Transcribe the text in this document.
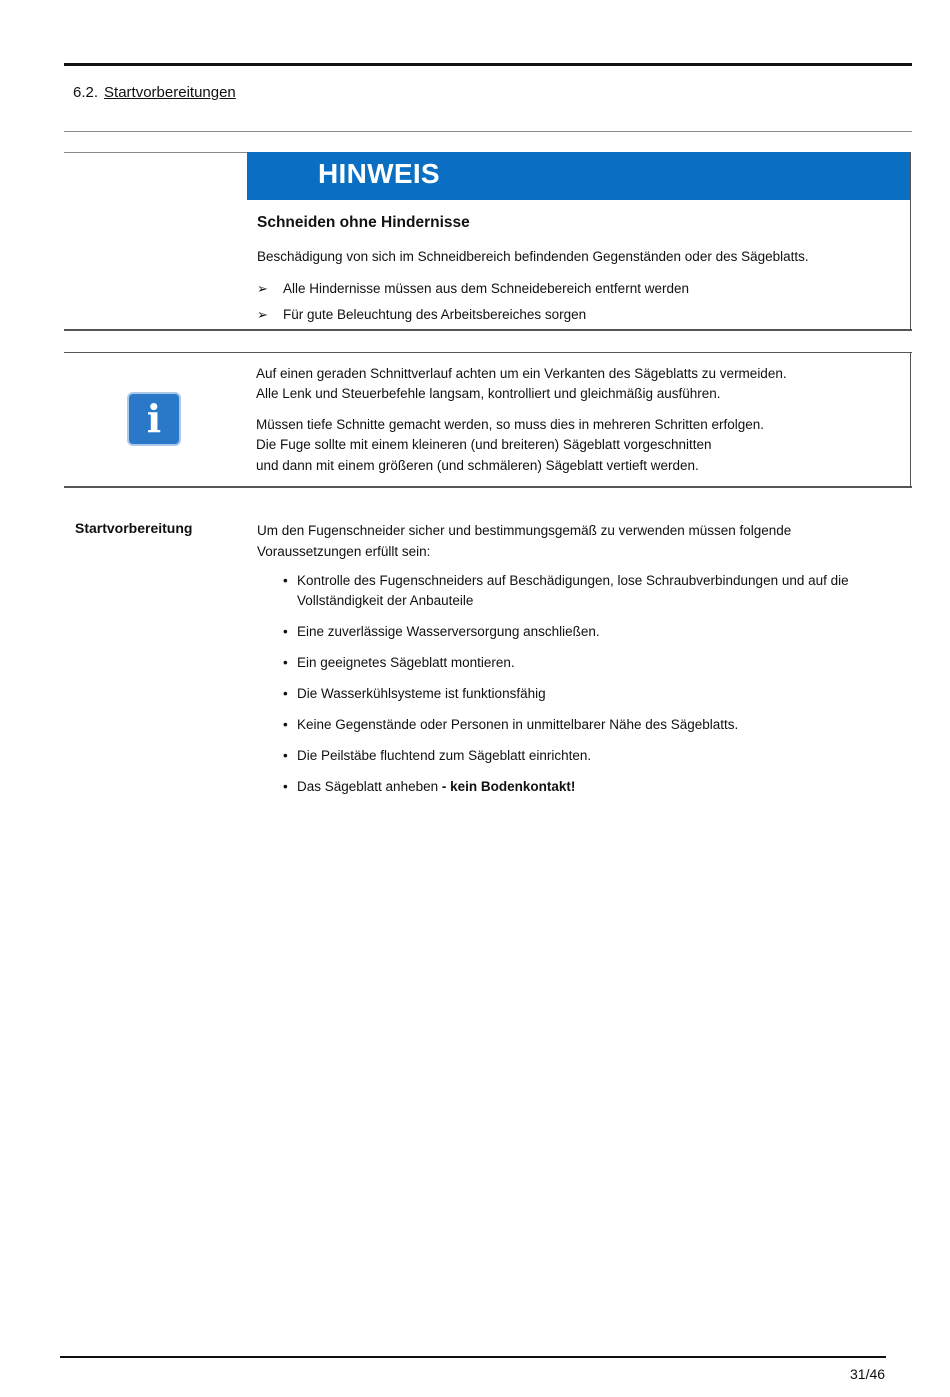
6.2. Startvorbereitungen
HINWEIS
Schneiden ohne Hindernisse
Beschädigung von sich im Schneidbereich befindenden Gegenständen oder des Sägeblatts.
➢ Alle Hindernisse müssen aus dem Schneidebereich entfernt werden
➢ Für gute Beleuchtung des Arbeitsbereiches sorgen
i
Auf einen geraden Schnittverlauf achten um ein Verkanten des Sägeblatts zu vermeiden.
Alle Lenk und Steuerbefehle langsam, kontrolliert und gleichmäßig ausführen.
Müssen tiefe Schnitte gemacht werden, so muss dies in mehreren Schritten erfolgen.
Die Fuge sollte mit einem kleineren (und breiteren) Sägeblatt vorgeschnitten
und dann mit einem größeren (und schmäleren) Sägeblatt vertieft werden.
Startvorbereitung	Um den Fugenschneider sicher und bestimmungsgemäß zu verwenden müssen folgende Voraussetzungen erfüllt sein:
• Kontrolle des Fugenschneiders auf Beschädigungen, lose Schraubverbindungen und auf die Vollständigkeit der Anbauteile
• Eine zuverlässige Wasserversorgung anschließen.
• Ein geeignetes Sägeblatt montieren.
• Die Wasserkühlsysteme ist funktionsfähig
• Keine Gegenstände oder Personen in unmittelbarer Nähe des Sägeblatts.
• Die Peilstäbe fluchtend zum Sägeblatt einrichten.
• Das Sägeblatt anheben - kein Bodenkontakt!
31/46
